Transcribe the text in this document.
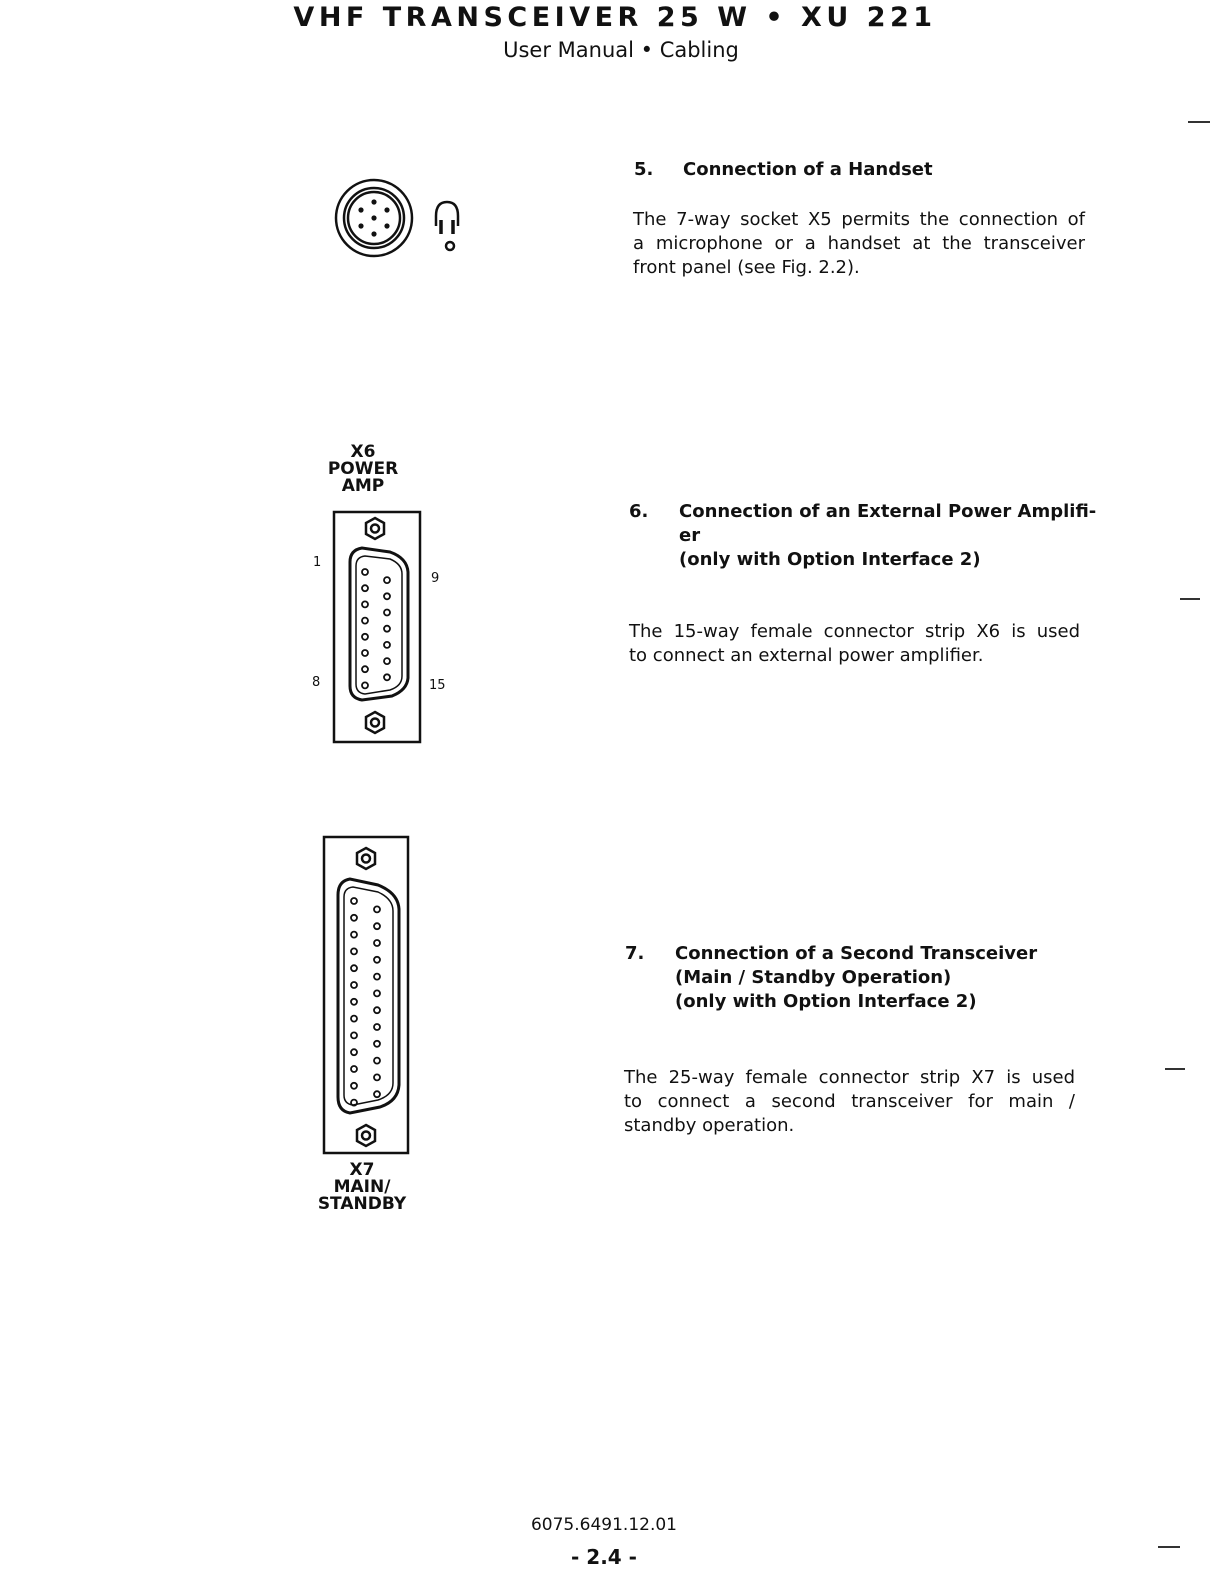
VHF TRANSCEIVER 25 W • XU 221
User Manual • Cabling
5. Connection of a Handset
The 7-way socket X5 permits the connection of
a microphone or a handset at the transceiver
front panel (see Fig. 2.2).
6. Connection of an External Power Amplifi-
er
(only with Option Interface 2)
The 15-way female connector strip X6 is used
to connect an external power amplifier.
7. Connection of a Second Transceiver
(Main / Standby Operation)
(only with Option Interface 2)
The 25-way female connector strip X7 is used
to connect a second transceiver for main /
standby operation.
X6
POWER
AMP
1
9
8	15
X7
MAIN/
STANDBY
6075.6491.12.01
- 2.4 -
